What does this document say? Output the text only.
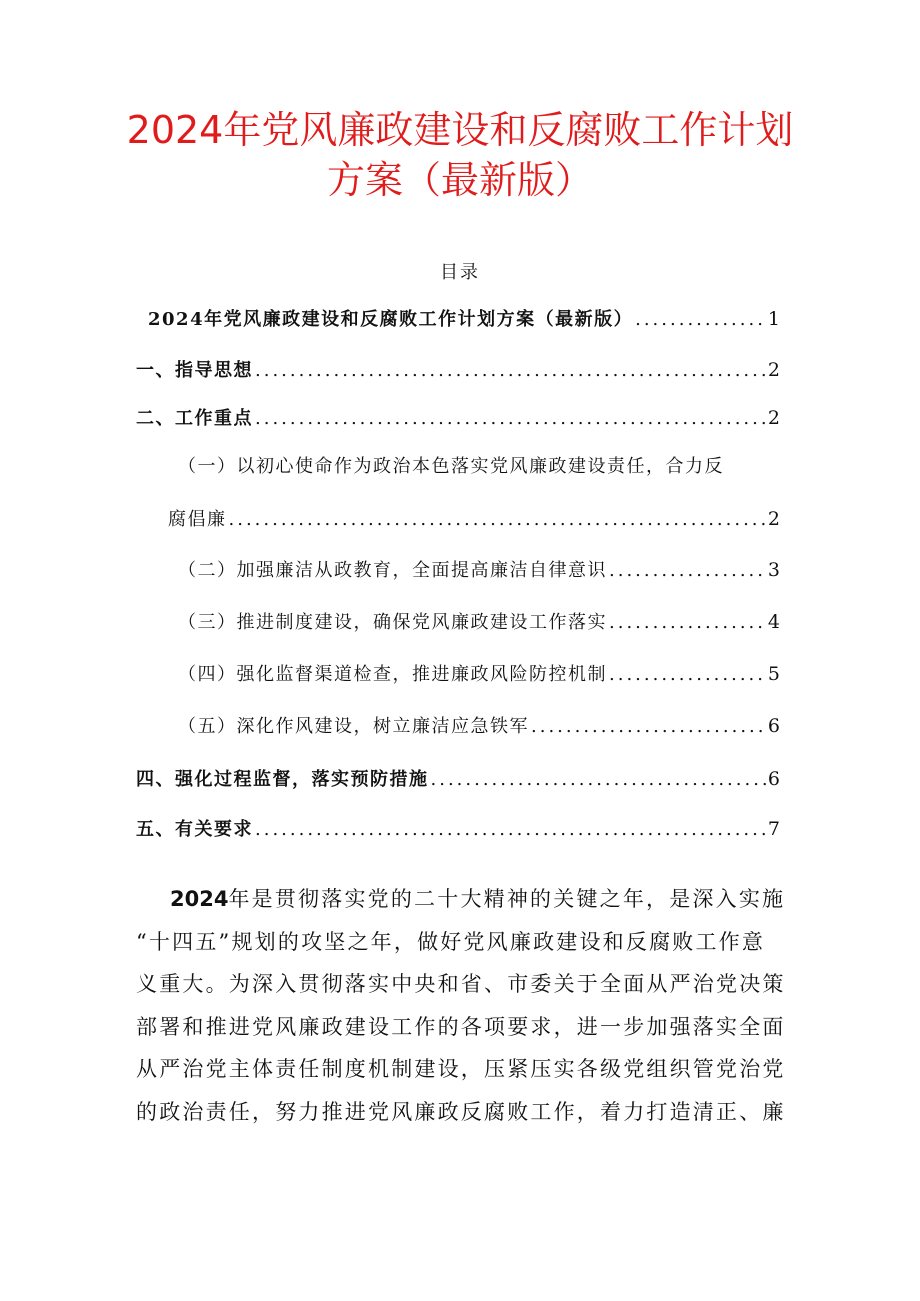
2024年党风廉政建设和反腐败工作计划
方案（最新版）
目录
2024年党风廉政建设和反腐败工作计划方案（最新版） .....	1
一、指导思想 .....	2
二、工作重点 .....	2
（一）以初心使命作为政治本色落实党风廉政建设责任，合力反
腐倡廉 .....	2
（二）加强廉洁从政教育，全面提高廉洁自律意识 .....	3
（三）推进制度建设，确保党风廉政建设工作落实 .....	4
（四）强化监督渠道检查，推进廉政风险防控机制 .....	5
（五）深化作风建设，树立廉洁应急铁军 .....	6
四、强化过程监督，落实预防措施 .....	6
五、有关要求 .....	7

2024年是贯彻落实党的二十大精神的关键之年，是深入实施
“十四五”规划的攻坚之年，做好党风廉政建设和反腐败工作意
义重大。为深入贯彻落实中央和省、市委关于全面从严治党决策
部署和推进党风廉政建设工作的各项要求，进一步加强落实全面
从严治党主体责任制度机制建设，压紧压实各级党组织管党治党
的政治责任，努力推进党风廉政反腐败工作，着力打造清正、廉
